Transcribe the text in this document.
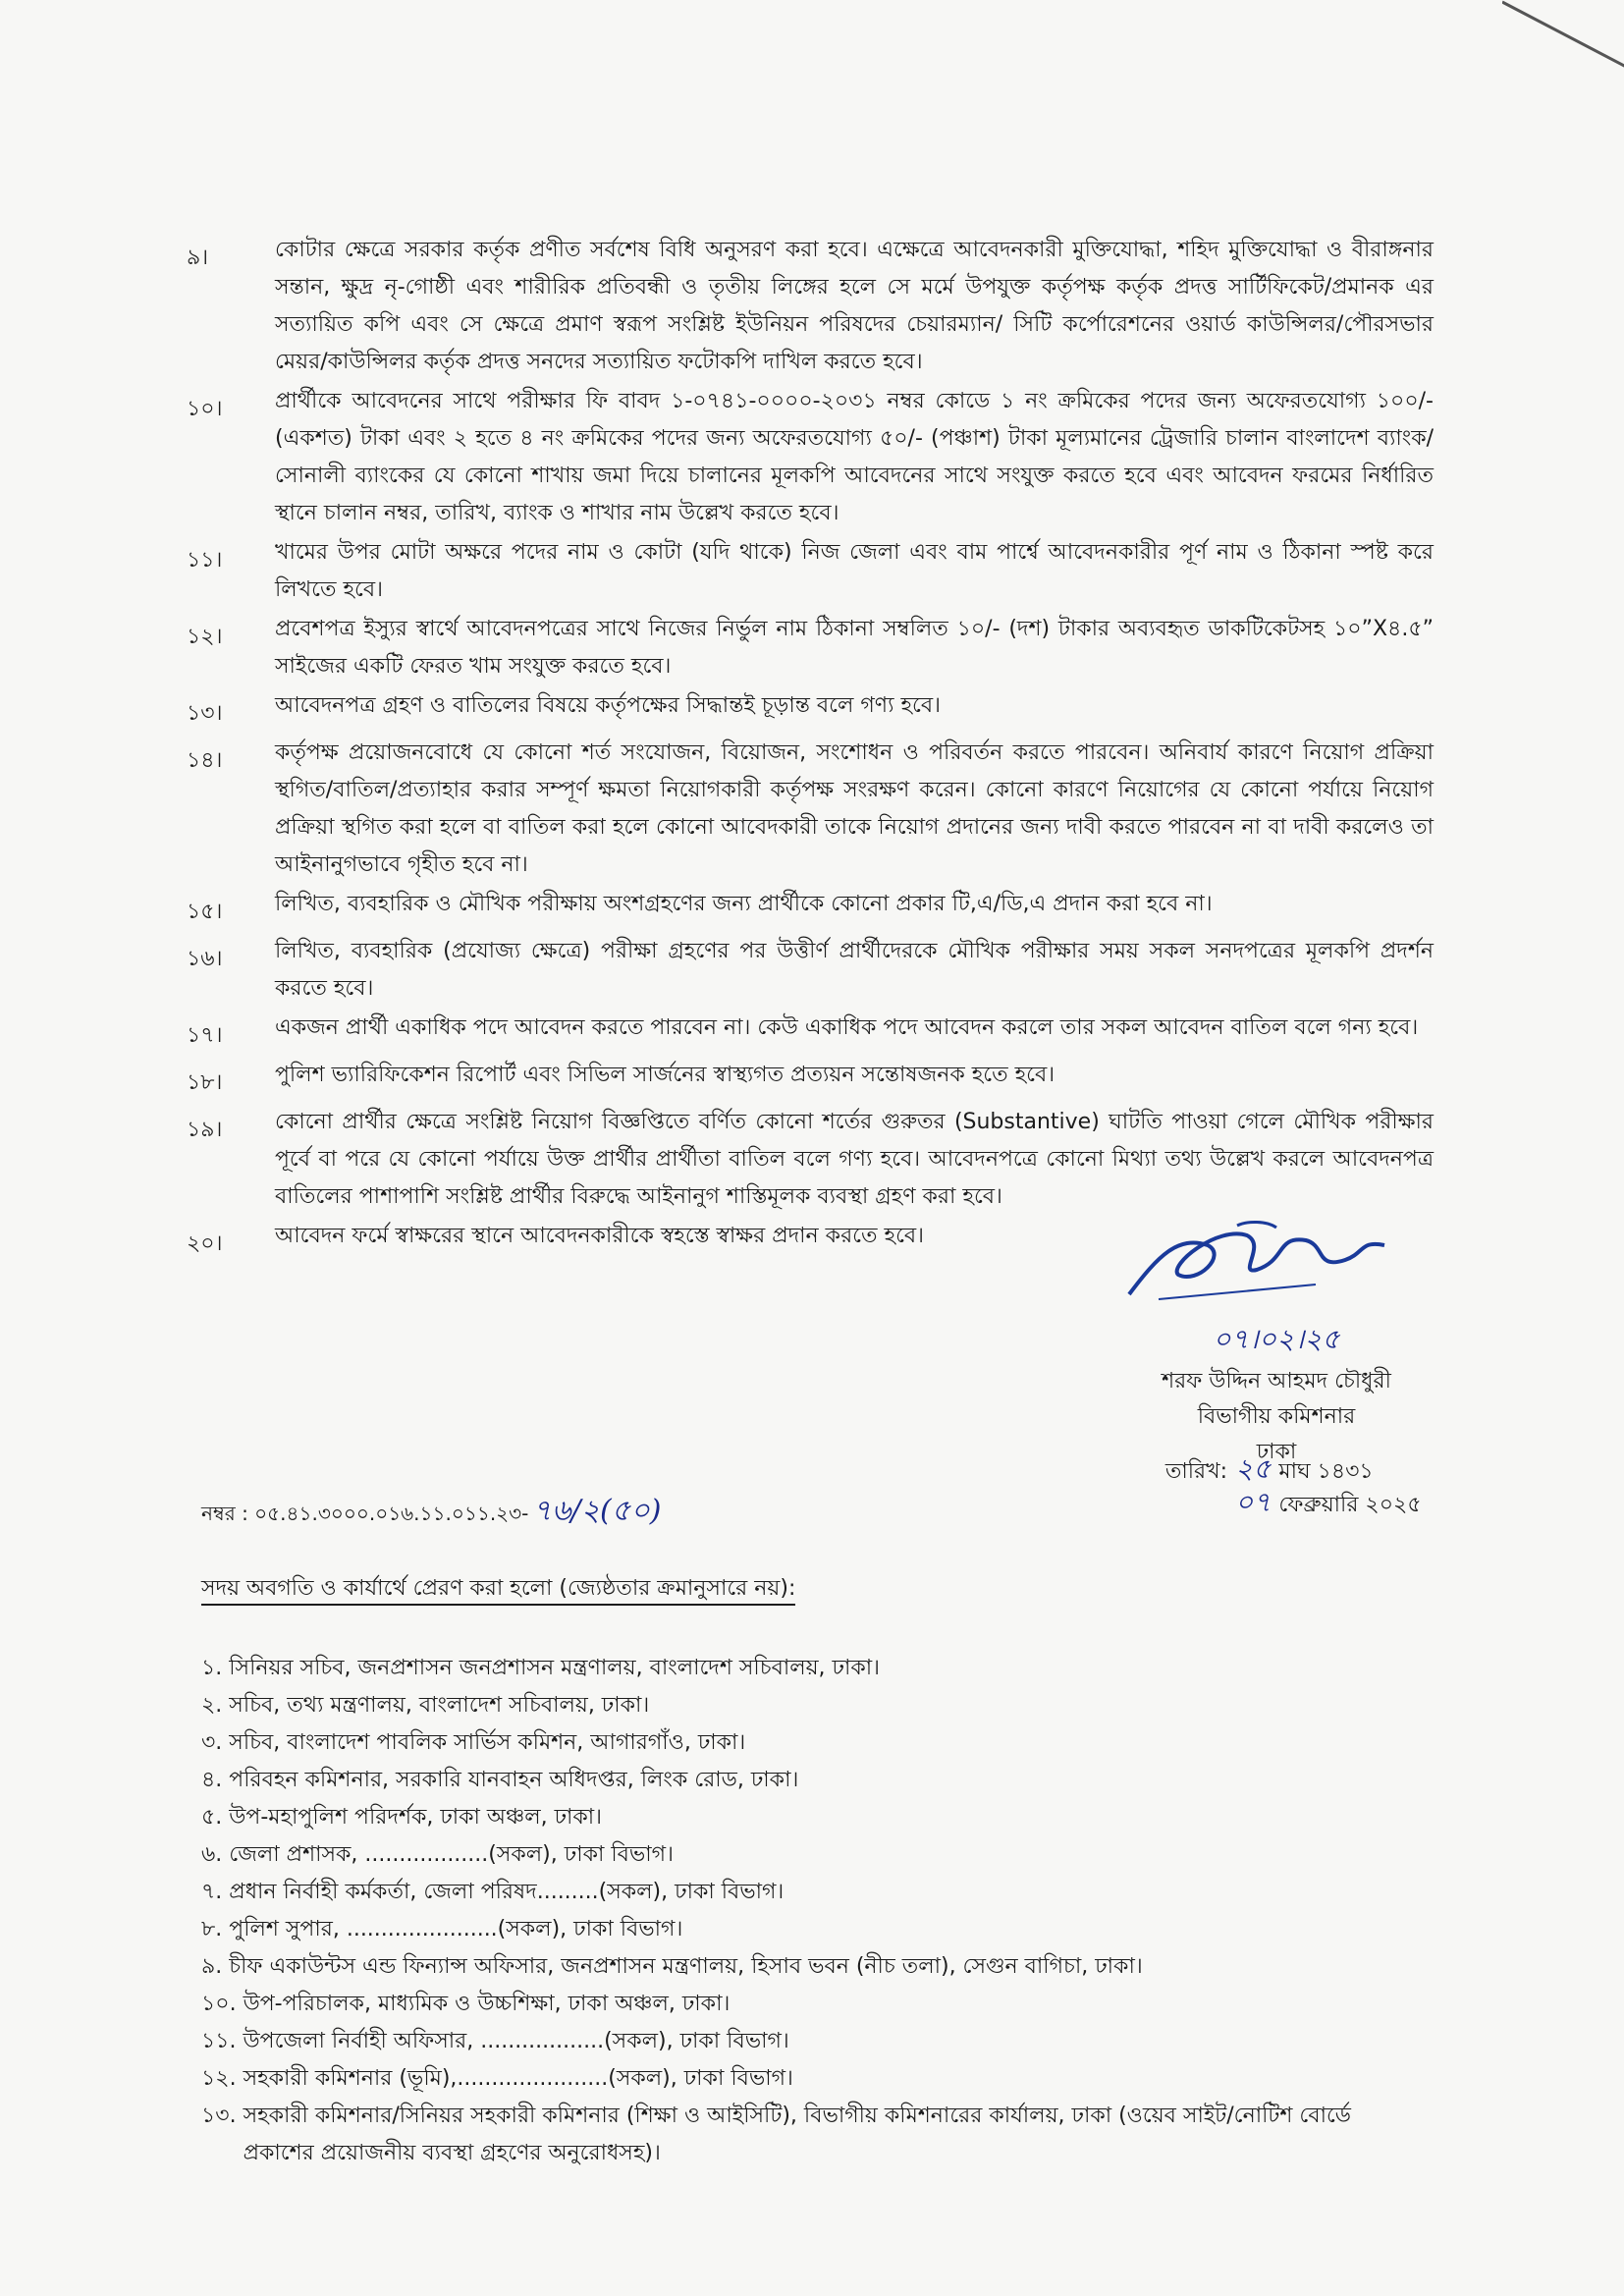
৯।	কোটার ক্ষেত্রে সরকার কর্তৃক প্রণীত সর্বশেষ বিধি অনুসরণ করা হবে। এক্ষেত্রে আবেদনকারী মুক্তিযোদ্ধা, শহিদ মুক্তিযোদ্ধা ও বীরাঙ্গনার সন্তান, ক্ষুদ্র নৃ-গোষ্ঠী এবং শারীরিক প্রতিবন্ধী ও তৃতীয় লিঙ্গের হলে সে মর্মে উপযুক্ত কর্তৃপক্ষ কর্তৃক প্রদত্ত সার্টিফিকেট/প্রমানক এর সত্যায়িত কপি এবং সে ক্ষেত্রে প্রমাণ স্বরূপ সংশ্লিষ্ট ইউনিয়ন পরিষদের চেয়ারম্যান/ সিটি কর্পোরেশনের ওয়ার্ড কাউন্সিলর/পৌরসভার মেয়র/কাউন্সিলর কর্তৃক প্রদত্ত সনদের সত্যায়িত ফটোকপি দাখিল করতে হবে।
১০।	প্রার্থীকে আবেদনের সাথে পরীক্ষার ফি বাবদ ১-০৭৪১-০০০০-২০৩১ নম্বর কোডে ১ নং ক্রমিকের পদের জন্য অফেরতযোগ্য ১০০/- (একশত) টাকা এবং ২ হতে ৪ নং ক্রমিকের পদের জন্য অফেরতযোগ্য ৫০/- (পঞ্চাশ) টাকা মূল্যমানের ট্রেজারি চালান বাংলাদেশ ব্যাংক/সোনালী ব্যাংকের যে কোনো শাখায় জমা দিয়ে চালানের মূলকপি আবেদনের সাথে সংযুক্ত করতে হবে এবং আবেদন ফরমের নির্ধারিত স্থানে চালান নম্বর, তারিখ, ব্যাংক ও শাখার নাম উল্লেখ করতে হবে।
১১।	খামের উপর মোটা অক্ষরে পদের নাম ও কোটা (যদি থাকে) নিজ জেলা এবং বাম পার্শ্বে আবেদনকারীর পূর্ণ নাম ও ঠিকানা স্পষ্ট করে লিখতে হবে।
১২।	প্রবেশপত্র ইস্যুর স্বার্থে আবেদনপত্রের সাথে নিজের নির্ভুল নাম ঠিকানা সম্বলিত ১০/- (দশ) টাকার অব্যবহৃত ডাকটিকেটসহ ১০”X৪.৫” সাইজের একটি ফেরত খাম সংযুক্ত করতে হবে।
১৩।	আবেদনপত্র গ্রহণ ও বাতিলের বিষয়ে কর্তৃপক্ষের সিদ্ধান্তই চূড়ান্ত বলে গণ্য হবে।
১৪।	কর্তৃপক্ষ প্রয়োজনবোধে যে কোনো শর্ত সংযোজন, বিয়োজন, সংশোধন ও পরিবর্তন করতে পারবেন। অনিবার্য কারণে নিয়োগ প্রক্রিয়া স্থগিত/বাতিল/প্রত্যাহার করার সম্পূর্ণ ক্ষমতা নিয়োগকারী কর্তৃপক্ষ সংরক্ষণ করেন। কোনো কারণে নিয়োগের যে কোনো পর্যায়ে নিয়োগ প্রক্রিয়া স্থগিত করা হলে বা বাতিল করা হলে কোনো আবেদকারী তাকে নিয়োগ প্রদানের জন্য দাবী করতে পারবেন না বা দাবী করলেও তা আইনানুগভাবে গৃহীত হবে না।
১৫।	লিখিত, ব্যবহারিক ও মৌখিক পরীক্ষায় অংশগ্রহণের জন্য প্রার্থীকে কোনো প্রকার টি,এ/ডি,এ প্রদান করা হবে না।
১৬।	লিখিত, ব্যবহারিক (প্রযোজ্য ক্ষেত্রে) পরীক্ষা গ্রহণের পর উত্তীর্ণ প্রার্থীদেরকে মৌখিক পরীক্ষার সময় সকল সনদপত্রের মূলকপি প্রদর্শন করতে হবে।
১৭।	একজন প্রার্থী একাধিক পদে আবেদন করতে পারবেন না। কেউ একাধিক পদে আবেদন করলে তার সকল আবেদন বাতিল বলে গন্য হবে।
১৮।	পুলিশ ভ্যারিফিকেশন রিপোর্ট এবং সিভিল সার্জনের স্বাস্থ্যগত প্রত্যয়ন সন্তোষজনক হতে হবে।
১৯।	কোনো প্রার্থীর ক্ষেত্রে সংশ্লিষ্ট নিয়োগ বিজ্ঞপ্তিতে বর্ণিত কোনো শর্তের গুরুতর (Substantive) ঘাটতি পাওয়া গেলে মৌখিক পরীক্ষার পূর্বে বা পরে যে কোনো পর্যায়ে উক্ত প্রার্থীর প্রার্থীতা বাতিল বলে গণ্য হবে। আবেদনপত্রে কোনো মিথ্যা তথ্য উল্লেখ করলে আবেদনপত্র বাতিলের পাশাপাশি সংশ্লিষ্ট প্রার্থীর বিরুদ্ধে আইনানুগ শাস্তিমূলক ব্যবস্থা গ্রহণ করা হবে।
২০।	আবেদন ফর্মে স্বাক্ষরের স্থানে আবেদনকারীকে স্বহস্তে স্বাক্ষর প্রদান করতে হবে।
০৭।০২।২৫
শরফ উদ্দিন আহমদ চৌধুরী
বিভাগীয় কমিশনার
ঢাকা
তারিখ: ২৫ মাঘ ১৪৩১
০৭ ফেব্রুয়ারি ২০২৫
নম্বর : ০৫.৪১.৩০০০.০১৬.১১.০১১.২৩- ৭৬/২(৫০)
সদয় অবগতি ও কার্যার্থে প্রেরণ করা হলো (জ্যেষ্ঠতার ক্রমানুসারে নয়):
১. সিনিয়র সচিব, জনপ্রশাসন জনপ্রশাসন মন্ত্রণালয়, বাংলাদেশ সচিবালয়, ঢাকা।
২. সচিব, তথ্য মন্ত্রণালয়, বাংলাদেশ সচিবালয়, ঢাকা।
৩. সচিব, বাংলাদেশ পাবলিক সার্ভিস কমিশন, আগারগাঁও, ঢাকা।
৪. পরিবহন কমিশনার, সরকারি যানবাহন অধিদপ্তর, লিংক রোড, ঢাকা।
৫. উপ-মহাপুলিশ পরিদর্শক, ঢাকা অঞ্চল, ঢাকা।
৬. জেলা প্রশাসক, ..................(সকল), ঢাকা বিভাগ।
৭. প্রধান নির্বাহী কর্মকর্তা, জেলা পরিষদ.........(সকল), ঢাকা বিভাগ।
৮. পুলিশ সুপার, ......................(সকল), ঢাকা বিভাগ।
৯. চীফ একাউন্টস এন্ড ফিন্যান্স অফিসার, জনপ্রশাসন মন্ত্রণালয়, হিসাব ভবন (নীচ তলা), সেগুন বাগিচা, ঢাকা।
১০. উপ-পরিচালক, মাধ্যমিক ও উচ্চশিক্ষা, ঢাকা অঞ্চল, ঢাকা।
১১. উপজেলা নির্বাহী অফিসার, ..................(সকল), ঢাকা বিভাগ।
১২. সহকারী কমিশনার (ভূমি),......................(সকল), ঢাকা বিভাগ।
১৩. সহকারী কমিশনার/সিনিয়র সহকারী কমিশনার (শিক্ষা ও আইসিটি), বিভাগীয় কমিশনারের কার্যালয়, ঢাকা (ওয়েব সাইট/নোটিশ বোর্ডে প্রকাশের প্রয়োজনীয় ব্যবস্থা গ্রহণের অনুরোধসহ)।
